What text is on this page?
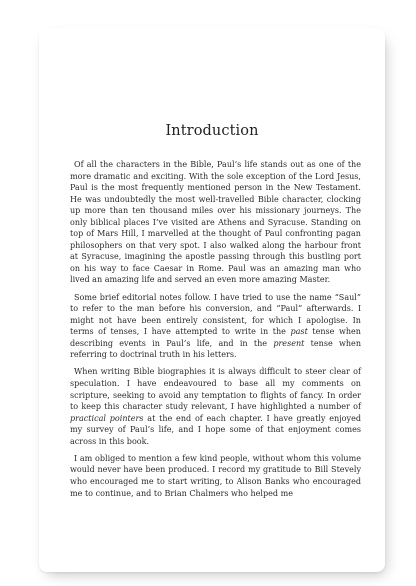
Introduction

Of all the characters in the Bible, Paul’s life stands out as one of the more dramatic and exciting. With the sole exception of the Lord Jesus, Paul is the most frequently mentioned person in the New Testament. He was undoubtedly the most well-travelled Bible character, clocking up more than ten thousand miles over his missionary journeys. The only biblical places I’ve visited are Athens and Syracuse. Standing on top of Mars Hill, I marvelled at the thought of Paul confronting pagan philosophers on that very spot. I also walked along the harbour front at Syracuse, imagining the apostle passing through this bustling port on his way to face Caesar in Rome. Paul was an amazing man who lived an amazing life and served an even more amazing Master.

Some brief editorial notes follow. I have tried to use the name “Saul” to refer to the man before his conversion, and “Paul” afterwards. I might not have been entirely consistent, for which I apologise. In terms of tenses, I have attempted to write in the past tense when describing events in Paul’s life, and in the present tense when referring to doctrinal truth in his letters.

When writing Bible biographies it is always difficult to steer clear of speculation. I have endeavoured to base all my comments on scripture, seeking to avoid any temptation to flights of fancy. In order to keep this character study relevant, I have highlighted a number of practical pointers at the end of each chapter. I have greatly enjoyed my survey of Paul’s life, and I hope some of that enjoyment comes across in this book.

I am obliged to mention a few kind people, without whom this volume would never have been produced. I record my gratitude to Bill Stevely who encouraged me to start writing, to Alison Banks who encouraged me to continue, and to Brian Chalmers who helped me
